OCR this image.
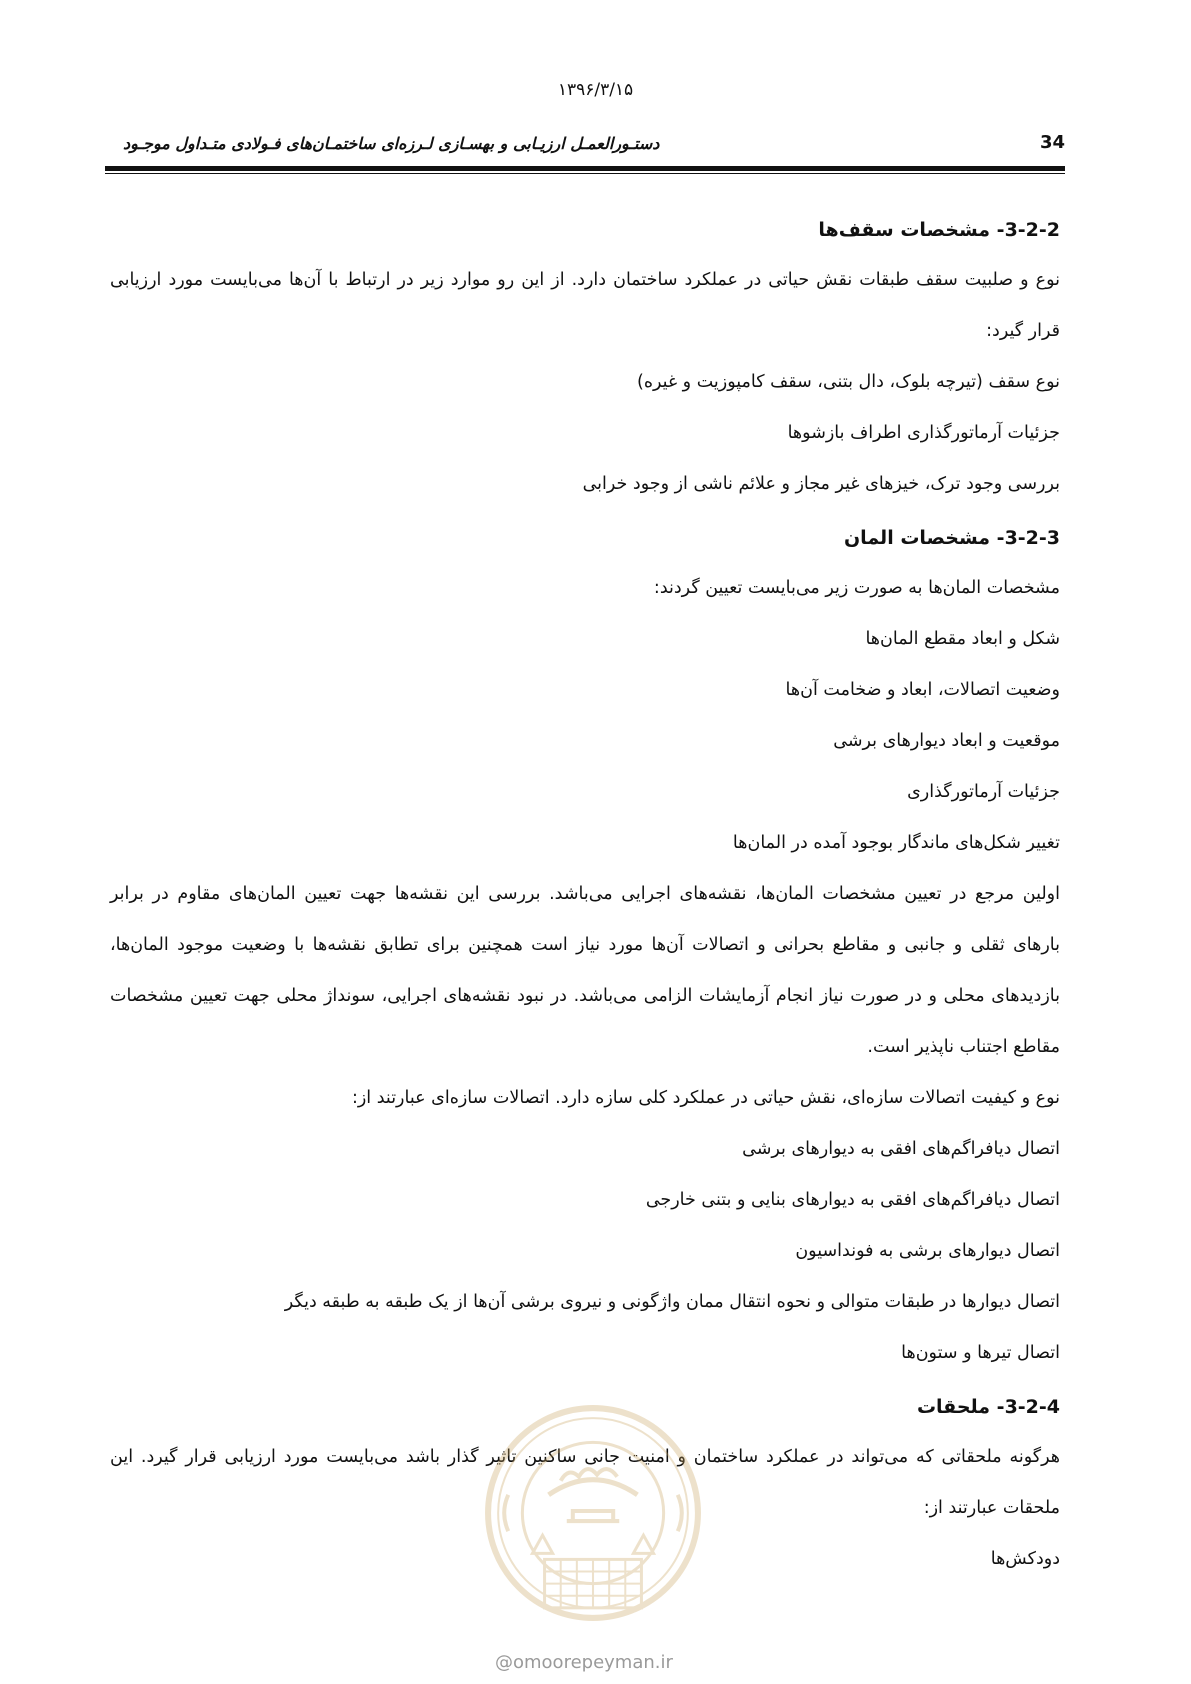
۱۳۹۶/۳/۱۵
34
دستـورالعمـل ارزیـابی و بهسـازی لـرزه‌ای ساختمـان‌های فـولادی متـداول موجـود
3-2-2- مشخصات سقف‌ها

نوع و صلبیت سقف طبقات نقش حیاتی در عملکرد ساختمان دارد. از این رو موارد زیر در ارتباط با آن‌ها می‌بایست مورد ارزیابی قرار گیرد:

نوع سقف (تیرچه بلوک، دال بتنی، سقف کامپوزیت و غیره)

جزئیات آرماتورگذاری اطراف بازشوها

بررسی وجود ترک، خیزهای غیر مجاز و علائم ناشی از وجود خرابی

3-2-3- مشخصات المان

مشخصات المان‌ها به صورت زیر می‌بایست تعیین گردند:

شکل و ابعاد مقطع المان‌ها

وضعیت اتصالات، ابعاد و ضخامت آن‌ها

موقعیت و ابعاد دیوارهای برشی

جزئیات آرماتورگذاری

تغییر شکل‌های ماندگار بوجود آمده در المان‌ها

اولین مرجع در تعیین مشخصات المان‌ها، نقشه‌های اجرایی می‌باشد. بررسی این نقشه‌ها جهت تعیین المان‌های مقاوم در برابر بارهای ثقلی و جانبی و مقاطع بحرانی و اتصالات آن‌ها مورد نیاز است همچنین برای تطابق نقشه‌ها با وضعیت موجود المان‌ها، بازدیدهای محلی و در صورت نیاز انجام آزمایشات الزامی می‌باشد. در نبود نقشه‌های اجرایی، سونداژ محلی جهت تعیین مشخصات مقاطع اجتناب ناپذیر است.

نوع و کیفیت اتصالات سازه‌ای، نقش حیاتی در عملکرد کلی سازه دارد. اتصالات سازه‌ای عبارتند از:

اتصال دیافراگم‌های افقی به دیوارهای برشی

اتصال دیافراگم‌های افقی به دیوارهای بنایی و بتنی خارجی

اتصال دیوارهای برشی به فونداسیون

اتصال دیوارها در طبقات متوالی و نحوه انتقال ممان واژگونی و نیروی برشی آن‌ها از یک طبقه به طبقه دیگر

اتصال تیرها و ستون‌ها

3-2-4- ملحقات

هرگونه ملحقاتی که می‌تواند در عملکرد ساختمان و امنیت جانی ساکنین تاثیر گذار باشد می‌بایست مورد ارزیابی قرار گیرد. این ملحقات عبارتند از:

دودکش‌ها

@omoorepeyman.ir
